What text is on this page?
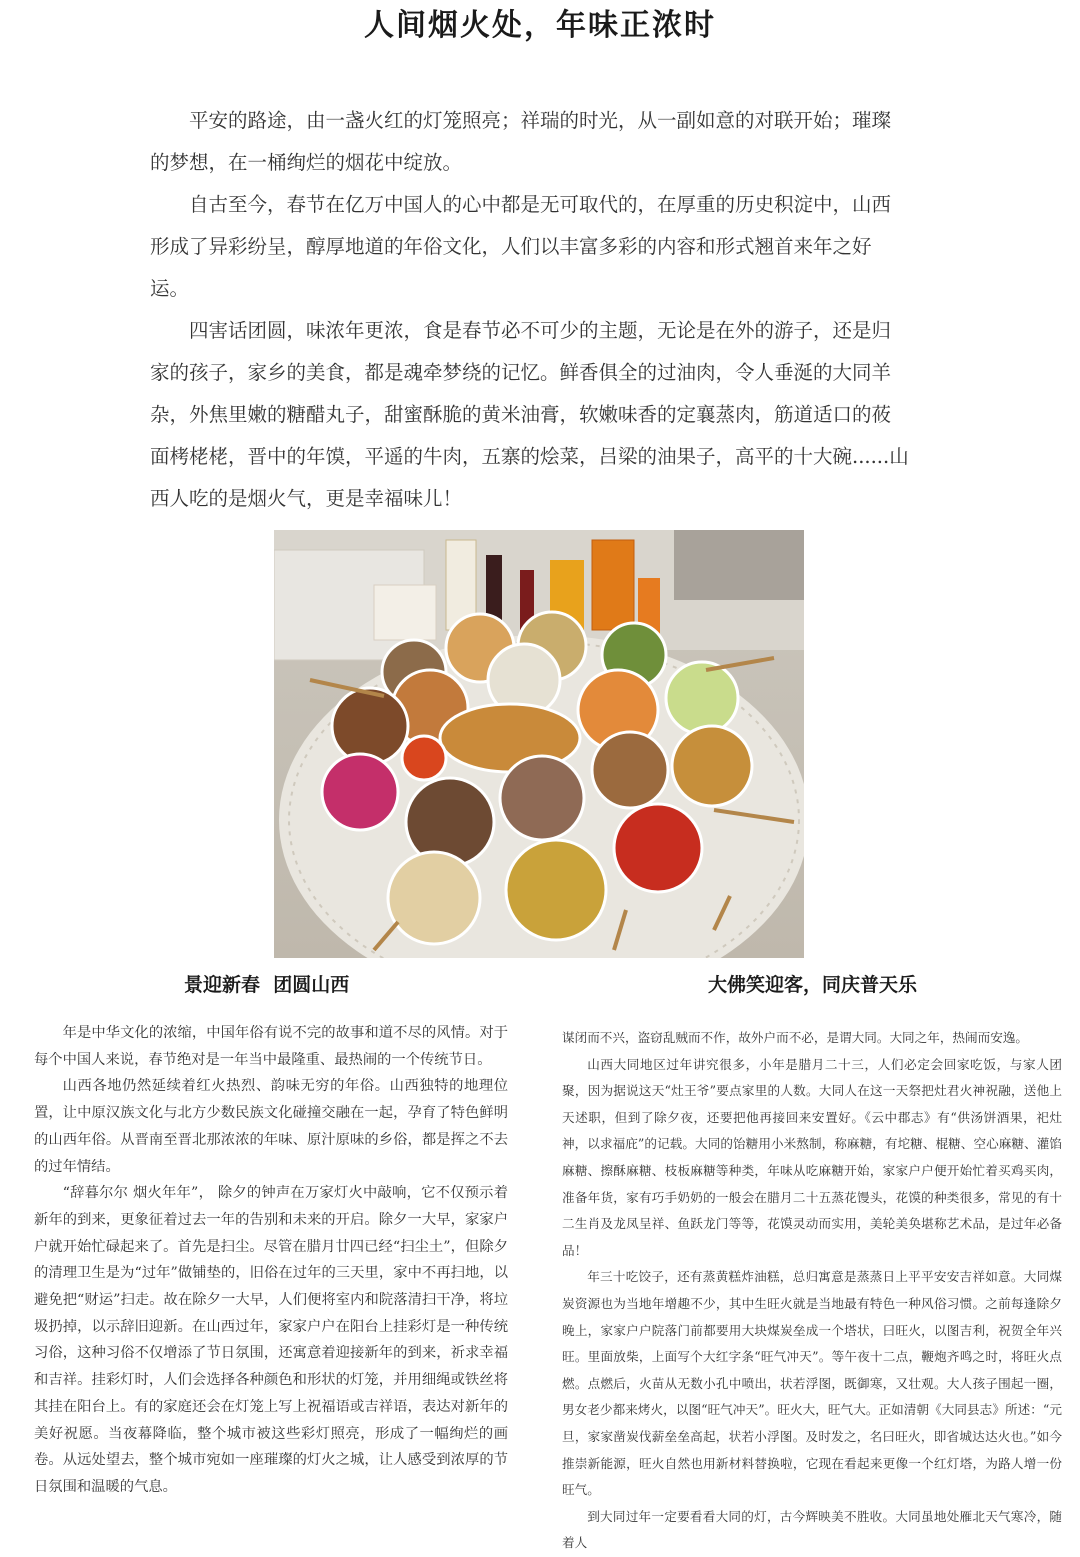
人间烟火处，年味正浓时

平安的路途，由一盏火红的灯笼照亮；祥瑞的时光，从一副如意的对联开始；璀璨的梦想，在一桶绚烂的烟花中绽放。

自古至今，春节在亿万中国人的心中都是无可取代的，在厚重的历史积淀中，山西形成了异彩纷呈，醇厚地道的年俗文化，人们以丰富多彩的内容和形式翘首来年之好运。

四害话团圆，味浓年更浓，食是春节必不可少的主题，无论是在外的游子，还是归家的孩子，家乡的美食，都是魂牵梦绕的记忆。鲜香俱全的过油肉，令人垂涎的大同羊杂，外焦里嫩的糖醋丸子，甜蜜酥脆的黄米油膏，软嫩味香的定襄蒸肉，筋道适口的莜面栲栳栳，晋中的年馍，平遥的牛肉，五寨的烩菜，吕梁的油果子，高平的十大碗......山西人吃的是烟火气，更是幸福味儿！

景迎新春  团圆山西	大佛笑迎客，同庆普天乐

年是中华文化的浓缩，中国年俗有说不完的故事和道不尽的风情。对于每个中国人来说，春节绝对是一年当中最隆重、最热闹的一个传统节日。

山西各地仍然延续着红火热烈、韵味无穷的年俗。山西独特的地理位置，让中原汉族文化与北方少数民族文化碰撞交融在一起，孕育了特色鲜明的山西年俗。从晋南至晋北那浓浓的年味、原汁原味的乡俗，都是挥之不去的过年情结。

“辞暮尔尔 烟火年年”， 除夕的钟声在万家灯火中敲响，它不仅预示着新年的到来，更象征着过去一年的告别和未来的开启。除夕一大早，家家户户就开始忙碌起来了。首先是扫尘。尽管在腊月廿四已经“扫尘土”，但除夕的清理卫生是为“过年”做铺垫的，旧俗在过年的三天里，家中不再扫地，以避免把“财运”扫走。故在除夕一大早，人们便将室内和院落清扫干净，将垃圾扔掉，以示辞旧迎新。在山西过年，家家户户在阳台上挂彩灯是一种传统习俗，这种习俗不仅增添了节日氛围，还寓意着迎接新年的到来，祈求幸福和吉祥。挂彩灯时，人们会选择各种颜色和形状的灯笼，并用细绳或铁丝将其挂在阳台上。有的家庭还会在灯笼上写上祝福语或吉祥语，表达对新年的美好祝愿。当夜幕降临，整个城市被这些彩灯照亮，形成了一幅绚烂的画卷。从远处望去，整个城市宛如一座璀璨的灯火之城，让人感受到浓厚的节日氛围和温暖的气息。

谋闭而不兴，盗窃乱贼而不作，故外户而不必，是谓大同。大同之年，热闹而安逸。

山西大同地区过年讲究很多，小年是腊月二十三，人们必定会回家吃饭，与家人团聚，因为据说这天“灶王爷”要点家里的人数。大同人在这一天祭把灶君火神祝融，送他上天述职，但到了除夕夜，还要把他再接回来安置好。《云中郡志》有“供汤饼酒果，祀灶神，以求福庇”的记载。大同的饴糖用小米熬制，称麻糖，有坨糖、棍糖、空心麻糖、灌馅麻糖、擦酥麻糖、枝板麻糖等种类，年味从吃麻糖开始，家家户户便开始忙着买鸡买肉，准备年货，家有巧手奶奶的一般会在腊月二十五蒸花馒头，花馍的种类很多，常见的有十二生肖及龙凤呈祥、鱼跃龙门等等，花馍灵动而实用，美轮美奂堪称艺术品，是过年必备品！

年三十吃饺子，还有蒸黄糕炸油糕，总归寓意是蒸蒸日上平平安安吉祥如意。大同煤炭资源也为当地年增趣不少，其中生旺火就是当地最有特色一种风俗习惯。之前每逢除夕晚上，家家户户院落门前都要用大块煤炭垒成一个塔状，曰旺火，以图吉利，祝贺全年兴旺。里面放柴，上面写个大红字条“旺气冲天”。等午夜十二点，鞭炮齐鸣之时，将旺火点燃。点燃后，火苗从无数小孔中喷出，状若浮图，既御寒，又壮观。大人孩子围起一圈，男女老少都来烤火，以图“旺气冲天”。旺火大，旺气大。正如清朝《大同县志》所述：“元旦，家家凿炭伐薪垒垒高起，状若小浮图。及时发之，名曰旺火，即省城达达火也。”如今推崇新能源，旺火自然也用新材料替换啦，它现在看起来更像一个红灯塔，为路人增一份旺气。

到大同过年一定要看看大同的灯，古今辉映美不胜收。大同虽地处雁北天气寒冷，随着人
